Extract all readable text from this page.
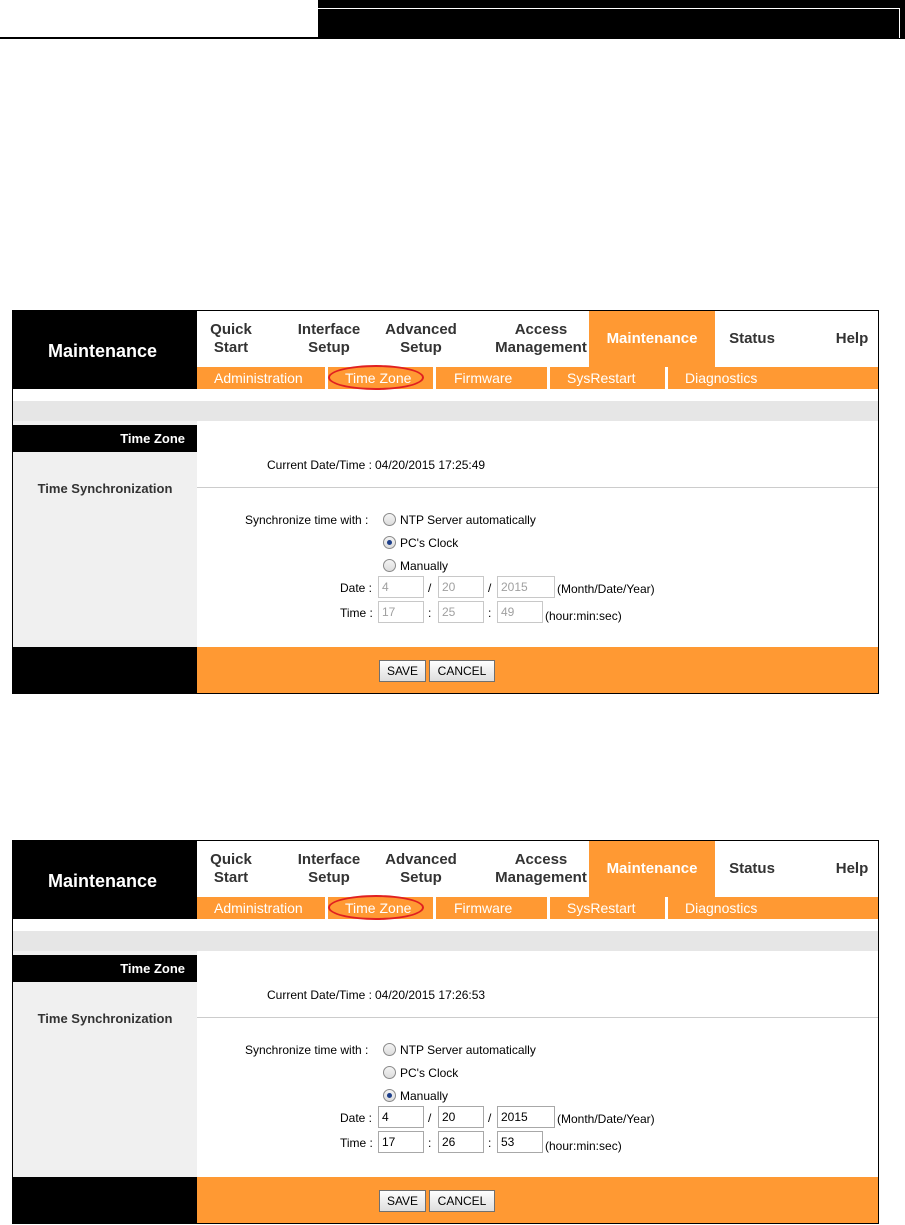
Maintenance
Quick
Start
Interface
Setup
Advanced
Setup
Access
Management
Maintenance	Status	Help
Administration	Time Zone	Firmware	SysRestart	Diagnostics
Time Zone
Time Synchronization
Current Date/Time : 04/20/2015 17:25:49
Synchronize time with :	NTP Server automatically
PC's Clock
Manually
Date : 4	/ 20	/ 2015	(Month/Date/Year)
Time : 17	: 25	: 49	(hour:min:sec)
SAVE	CANCEL
Maintenance
Quick
Start
Interface
Setup
Advanced
Setup
Access
Management
Maintenance	Status	Help
Administration	Time Zone	Firmware	SysRestart	Diagnostics
Time Zone
Time Synchronization
Current Date/Time : 04/20/2015 17:26:53
Synchronize time with :	NTP Server automatically
PC's Clock
Manually
Date : 4	/ 20	/ 2015	(Month/Date/Year)
Time : 17	: 26	: 53	(hour:min:sec)
SAVE	CANCEL
